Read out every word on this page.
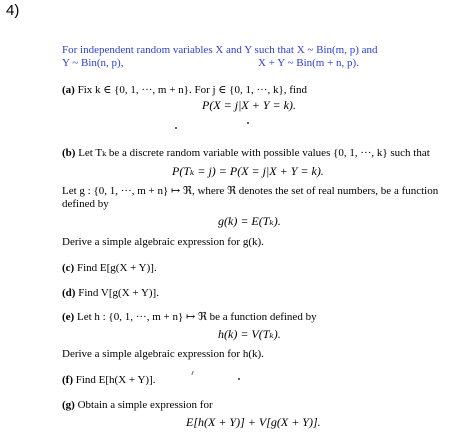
4)
For independent random variables X and Y such that X ~ Bin(m, p) and
Y ~ Bin(n, p),	X + Y ~ Bin(m + n, p).
(a) Fix k ∈ {0, 1, ···, m + n}. For j ∈ {0, 1, ···, k}, find
P(X = j|X + Y = k).
(b) Let Tₖ be a discrete random variable with possible values {0, 1, ···, k} such that
P(Tₖ = j) = P(X = j|X + Y = k).
Let g : {0, 1, ···, m + n} ↦ ℜ, where ℜ denotes the set of real numbers, be a function
defined by
g(k) = E(Tₖ).
Derive a simple algebraic expression for g(k).
(c) Find E[g(X + Y)].
(d) Find V[g(X + Y)].
(e) Let h : {0, 1, ···, m + n} ↦ ℜ be a function defined by
h(k) = V(Tₖ).
Derive a simple algebraic expression for h(k).
(f) Find E[h(X + Y)].
(g) Obtain a simple expression for
E[h(X + Y)] + V[g(X + Y)].
